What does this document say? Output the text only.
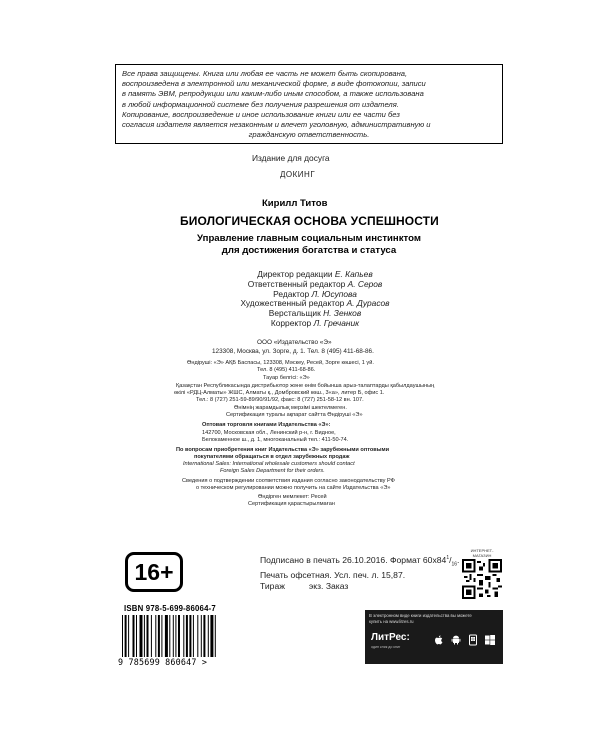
Все права защищены. Книга или любая ее часть не может быть скопирована,
воспроизведена в электронной или механической форме, в виде фотокопии, записи
в память ЭВМ, репродукции или каким-либо иным способом, а также использована
в любой информационной системе без получения разрешения от издателя.
Копирование, воспроизведение и иное использование книги или ее части без
согласия издателя является незаконным и влечет уголовную, административную и
гражданскую ответственность.
Издание для досуга
ДОКИНГ
Кирилл Титов
БИОЛОГИЧЕСКАЯ ОСНОВА УСПЕШНОСТИ
Управление главным социальным инстинктом
для достижения богатства и статуса
Директор редакции Е. Капьев
Ответственный редактор А. Серов
Редактор Л. Юсупова
Художественный редактор А. Дурасов
Верстальщик Н. Зенков
Корректор Л. Гречаник
ООО «Издательство «Э»
123308, Москва, ул. Зорге, д. 1. Тел. 8 (495) 411-68-86.
Өндіруші: «Э» АҚБ Баспасы, 123308, Мәскеу, Ресей, Зорге көшесі, 1 үй.
Тел. 8 (495) 411-68-86.
Тауар белгісі: «Э»
Қазақстан Республикасында дистрибьютор және өнім бойынша арыз-талаптарды қабылдаушының
өкілі «РДЦ-Алматы» ЖШС, Алматы қ., Домбровский көш., 3«а», литер Б, офис 1.
Тел.: 8 (727) 251-59-89/90/91/92, факс: 8 (727) 251-58-12 вн. 107.
Өнімнің жарамдылық мерзімі шектелмеген.
Сертификация туралы ақпарат сайтта Өндіруші «Э»
Оптовая торговля книгами Издательства «Э»:
142700, Московская обл., Ленинский р-н, г. Видное,
Белокаменное ш., д. 1, многоканальный тел.: 411-50-74.
По вопросам приобретения книг Издательства «Э» зарубежными оптовыми
покупателями обращаться в отдел зарубежных продаж
International Sales: International wholesale customers should contact
Foreign Sales Department for their orders.
Сведения о подтверждении соответствия издания согласно законодательству РФ
о техническом регулировании можно получить на сайте Издательства «Э»
Өндірген мемлекет: Ресей
Сертификация қарастырылмаған
Подписано в печать 26.10.2016. Формат $60x84^1/_{16}$.
Печать офсетная. Усл. печ. л. 15,87.
Тираж	экз. Заказ
16+
ИНТЕРНЕТ-МАГАЗИН
ISBN 978-5-699-86064-7
9 785699 860647 >
В электронном виде книги издательства вы можете
купить на www.litres.ru
ЛитРес:
один клик до книг
